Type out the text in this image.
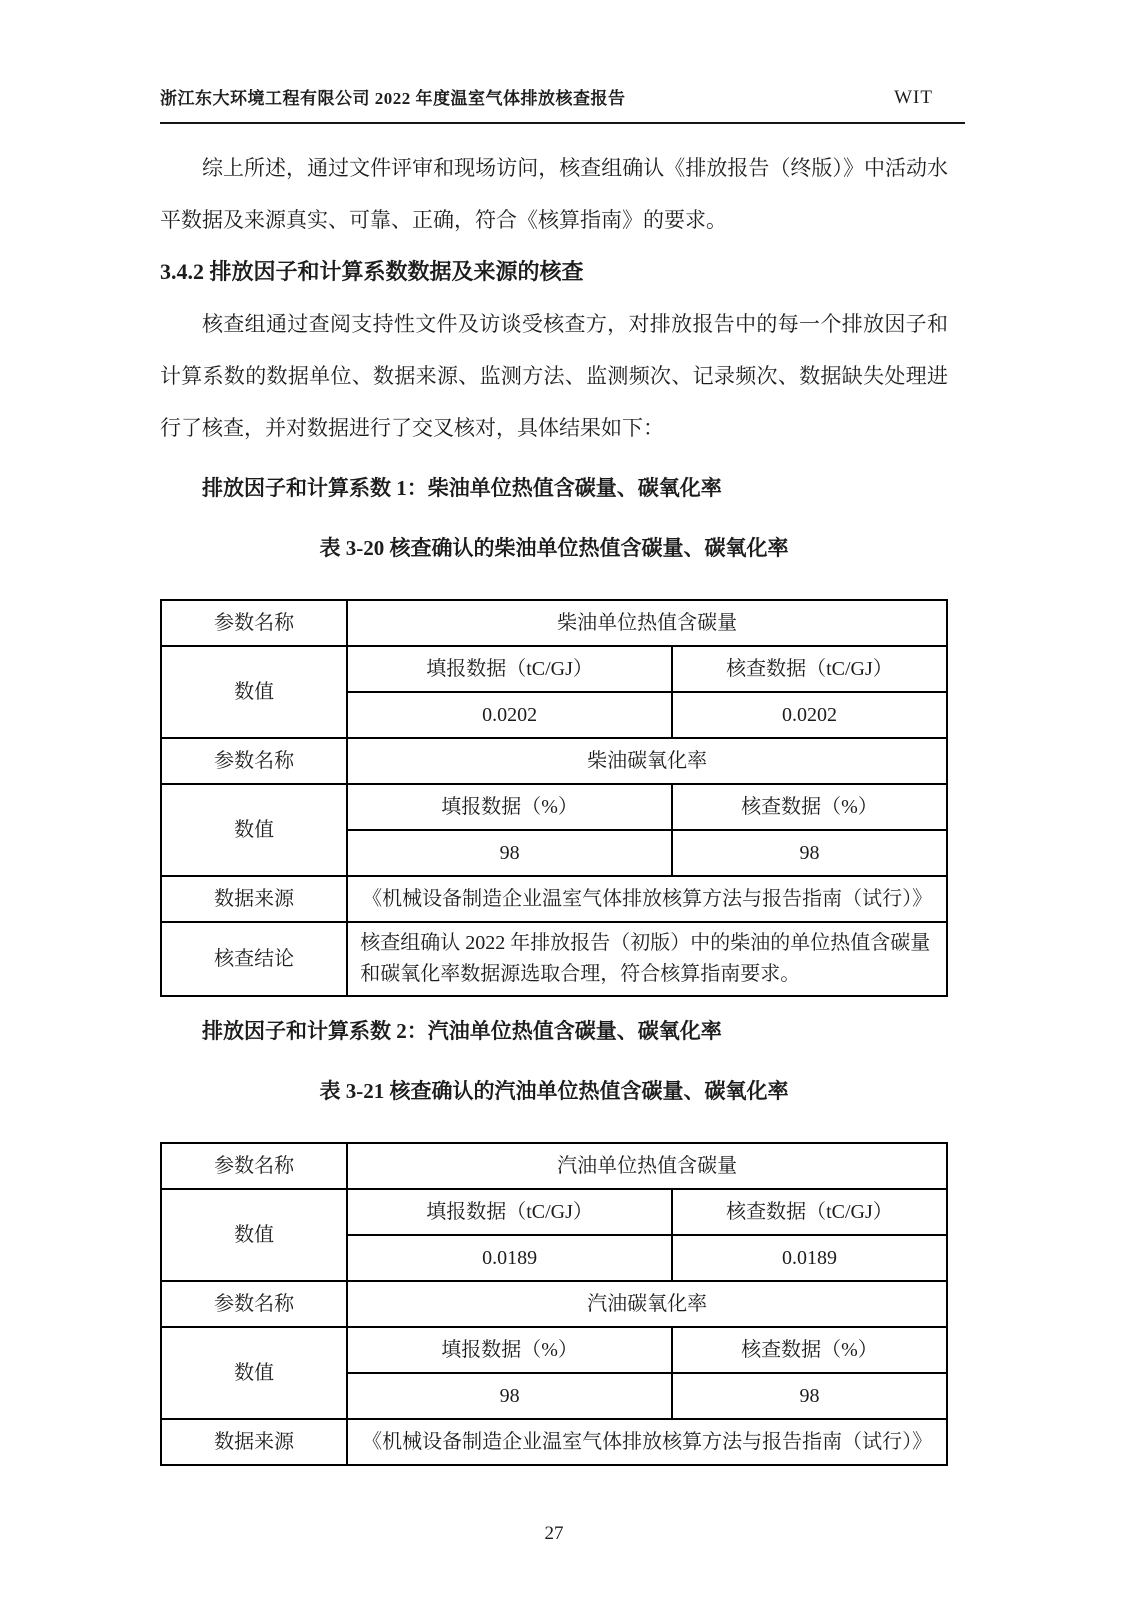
浙江东大环境工程有限公司 2022 年度温室气体排放核查报告	WIT

综上所述，通过文件评审和现场访问，核查组确认《排放报告（终版）》中活动水平数据及来源真实、可靠、正确，符合《核算指南》的要求。

3.4.2 排放因子和计算系数数据及来源的核查

核查组通过查阅支持性文件及访谈受核查方，对排放报告中的每一个排放因子和计算系数的数据单位、数据来源、监测方法、监测频次、记录频次、数据缺失处理进行了核查，并对数据进行了交叉核对，具体结果如下：

排放因子和计算系数 1：柴油单位热值含碳量、碳氧化率

表 3-20 核查确认的柴油单位热值含碳量、碳氧化率

参数名称	柴油单位热值含碳量	
数值	填报数据（tC/GJ）	核查数据（tC/GJ）
	0.0202	0.0202
参数名称	柴油碳氧化率	
数值	填报数据（%）	核查数据（%）
	98	98
数据来源	《机械设备制造企业温室气体排放核算方法与报告指南（试行）》	
核查结论	核查组确认 2022 年排放报告（初版）中的柴油的单位热值含碳量和碳氧化率数据源选取合理，符合核算指南要求。	

排放因子和计算系数 2：汽油单位热值含碳量、碳氧化率

表 3-21 核查确认的汽油单位热值含碳量、碳氧化率

参数名称	汽油单位热值含碳量	
数值	填报数据（tC/GJ）	核查数据（tC/GJ）
	0.0189	0.0189
参数名称	汽油碳氧化率	
数值	填报数据（%）	核查数据（%）
	98	98
数据来源	《机械设备制造企业温室气体排放核算方法与报告指南（试行）》	
27
